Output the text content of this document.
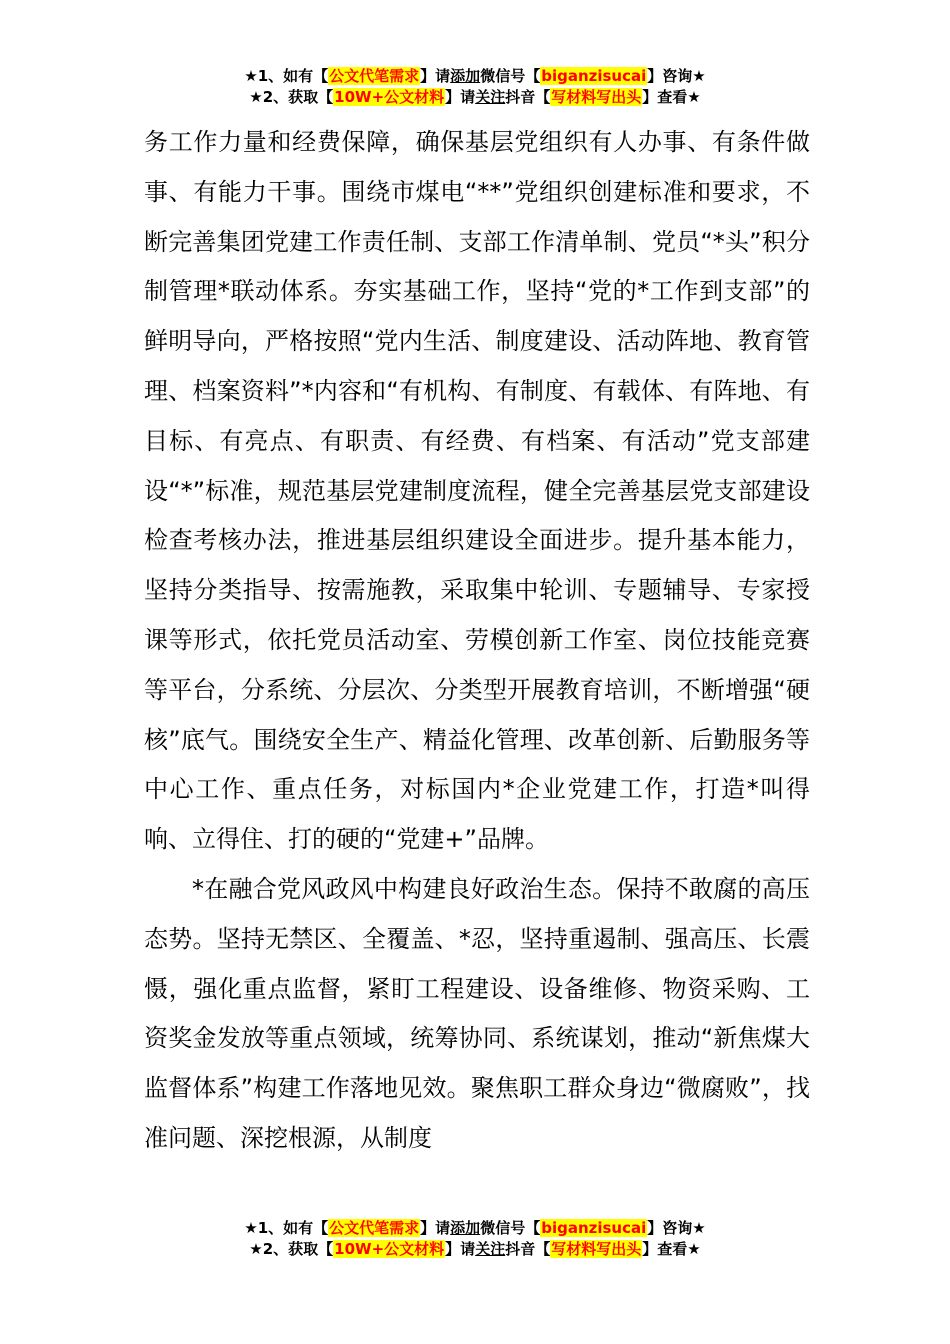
★1、如有【公文代笔需求】请添加微信号【biganzisucai】咨询★
★2、获取【10W+公文材料】请关注抖音【写材料写出头】查看★

务工作力量和经费保障，确保基层党组织有人办事、有条件做事、有能力干事。围绕市煤电“**”党组织创建标准和要求，不断完善集团党建工作责任制、支部工作清单制、党员“*头”积分制管理*联动体系。夯实基础工作，坚持“党的*工作到支部”的鲜明导向，严格按照“党内生活、制度建设、活动阵地、教育管理、档案资料”*内容和“有机构、有制度、有载体、有阵地、有目标、有亮点、有职责、有经费、有档案、有活动”党支部建设“*”标准，规范基层党建制度流程，健全完善基层党支部建设检查考核办法，推进基层组织建设全面进步。提升基本能力，坚持分类指导、按需施教，采取集中轮训、专题辅导、专家授课等形式，依托党员活动室、劳模创新工作室、岗位技能竞赛等平台，分系统、分层次、分类型开展教育培训，不断增强“硬核”底气。围绕安全生产、精益化管理、改革创新、后勤服务等中心工作、重点任务，对标国内*企业党建工作，打造*叫得响、立得住、打的硬的“党建+”品牌。

*在融合党风政风中构建良好政治生态。保持不敢腐的高压态势。坚持无禁区、全覆盖、*忍，坚持重遏制、强高压、长震慑，强化重点监督，紧盯工程建设、设备维修、物资采购、工资奖金发放等重点领域，统筹协同、系统谋划，推动“新焦煤大监督体系”构建工作落地见效。聚焦职工群众身边“微腐败”，找准问题、深挖根源，从制度

★1、如有【公文代笔需求】请添加微信号【biganzisucai】咨询★
★2、获取【10W+公文材料】请关注抖音【写材料写出头】查看★
